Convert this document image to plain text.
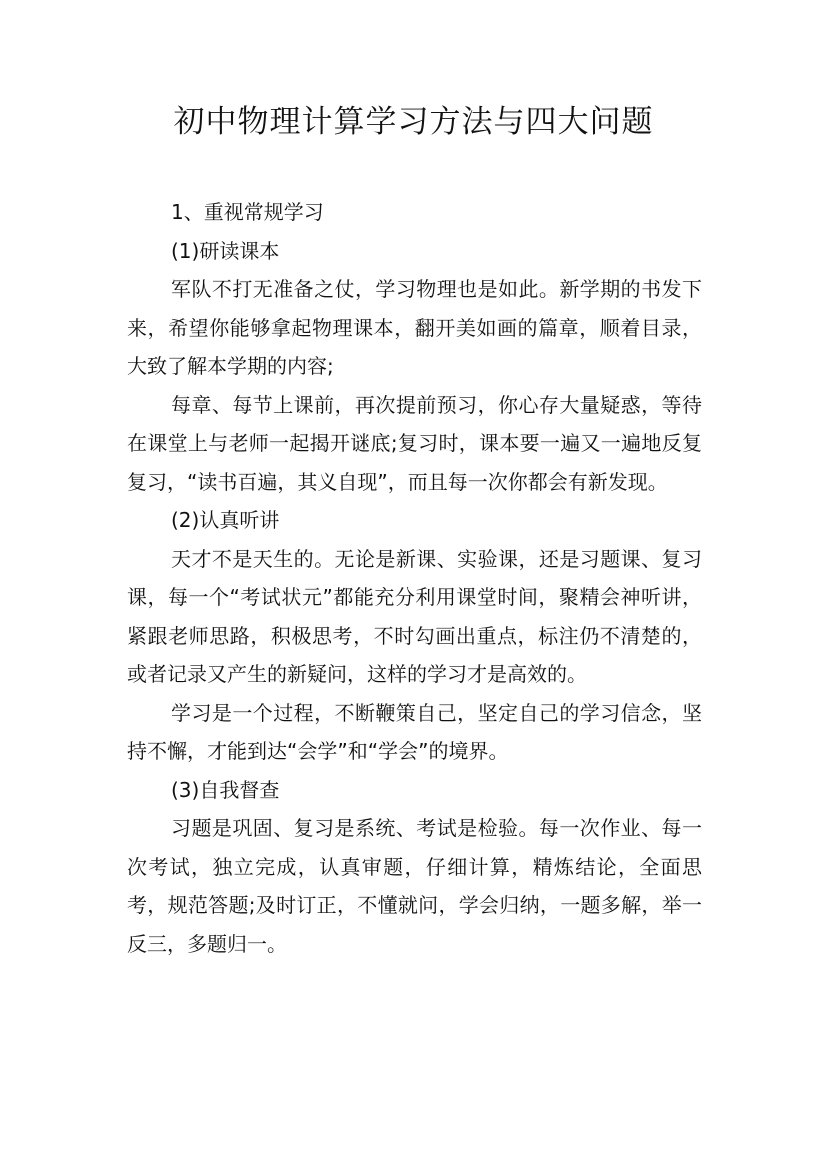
初中物理计算学习方法与四大问题

1、重视常规学习

(1)研读课本

军队不打无准备之仗，学习物理也是如此。新学期的书发下来，希望你能够拿起物理课本，翻开美如画的篇章，顺着目录，大致了解本学期的内容;

每章、每节上课前，再次提前预习，你心存大量疑惑，等待在课堂上与老师一起揭开谜底;复习时，课本要一遍又一遍地反复复习，“读书百遍，其义自现”，而且每一次你都会有新发现。

(2)认真听讲

天才不是天生的。无论是新课、实验课，还是习题课、复习课，每一个“考试状元”都能充分利用课堂时间，聚精会神听讲，紧跟老师思路，积极思考，不时勾画出重点，标注仍不清楚的，或者记录又产生的新疑问，这样的学习才是高效的。

学习是一个过程，不断鞭策自己，坚定自己的学习信念，坚持不懈，才能到达“会学”和“学会”的境界。

(3)自我督查

习题是巩固、复习是系统、考试是检验。每一次作业、每一次考试，独立完成，认真审题，仔细计算，精炼结论，全面思考，规范答题;及时订正，不懂就问，学会归纳，一题多解，举一反三，多题归一。
